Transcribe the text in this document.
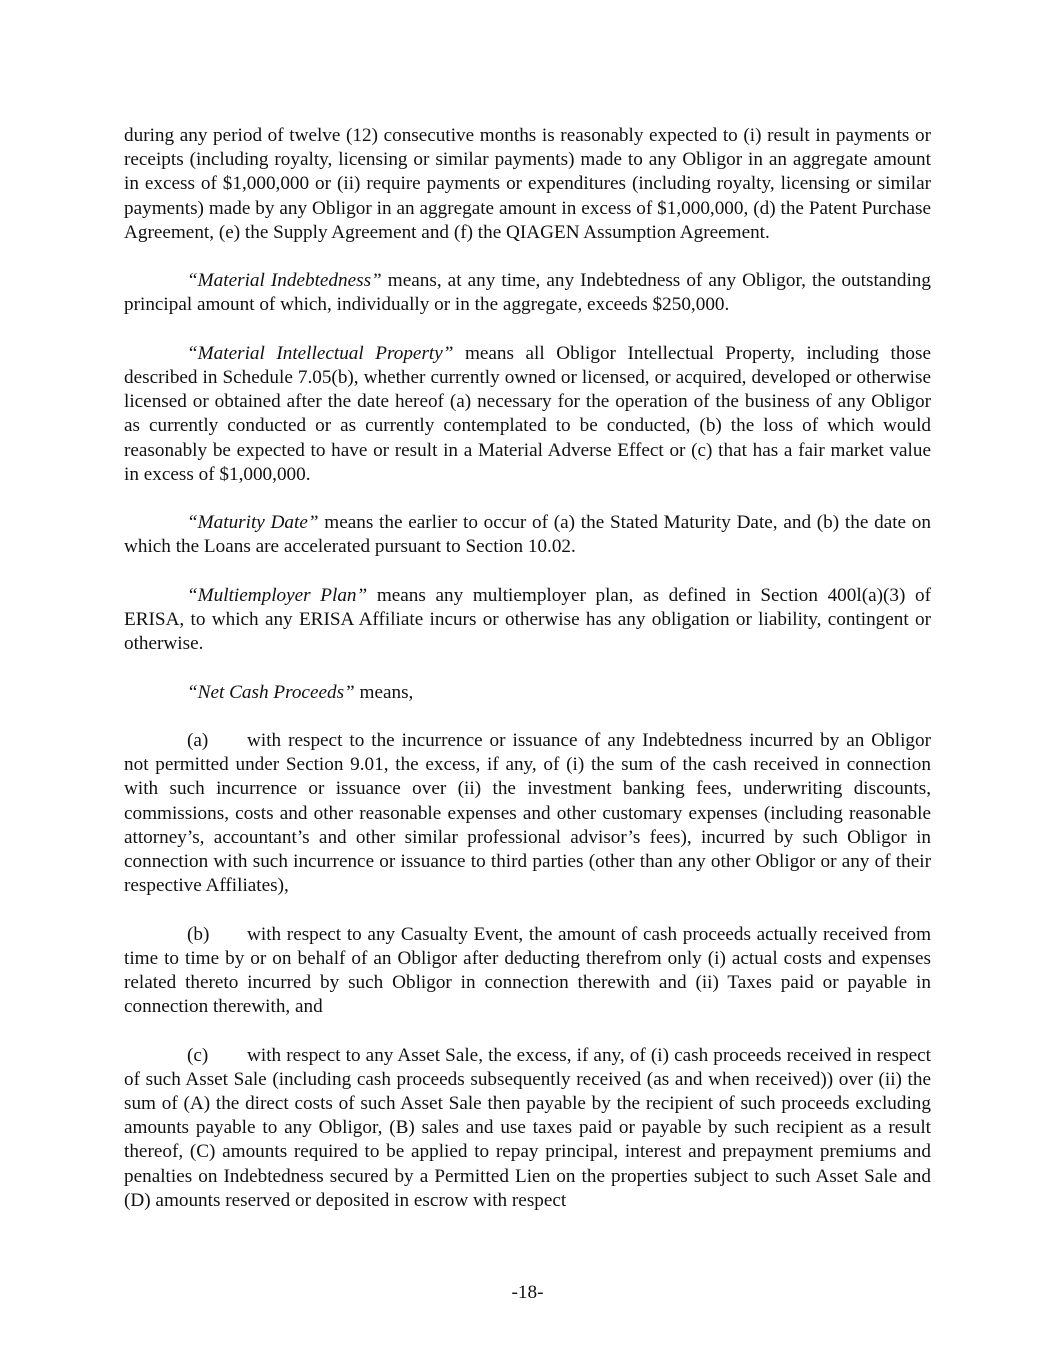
during any period of twelve (12) consecutive months is reasonably expected to (i) result in payments or receipts (including royalty, licensing or similar payments) made to any Obligor in an aggregate amount in excess of $1,000,000 or (ii) require payments or expenditures (including royalty, licensing or similar payments) made by any Obligor in an aggregate amount in excess of $1,000,000, (d) the Patent Purchase Agreement, (e) the Supply Agreement and (f) the QIAGEN Assumption Agreement.

“Material Indebtedness” means, at any time, any Indebtedness of any Obligor, the outstanding principal amount of which, individually or in the aggregate, exceeds $250,000.

“Material Intellectual Property” means all Obligor Intellectual Property, including those described in Schedule 7.05(b), whether currently owned or licensed, or acquired, developed or otherwise licensed or obtained after the date hereof (a) necessary for the operation of the business of any Obligor as currently conducted or as currently contemplated to be conducted, (b) the loss of which would reasonably be expected to have or result in a Material Adverse Effect or (c) that has a fair market value in excess of $1,000,000.

“Maturity Date” means the earlier to occur of (a) the Stated Maturity Date, and (b) the date on which the Loans are accelerated pursuant to Section 10.02.

“Multiemployer Plan” means any multiemployer plan, as defined in Section 400l(a)(3) of ERISA, to which any ERISA Affiliate incurs or otherwise has any obligation or liability, contingent or otherwise.

“Net Cash Proceeds” means,

(a) with respect to the incurrence or issuance of any Indebtedness incurred by an Obligor not permitted under Section 9.01, the excess, if any, of (i) the sum of the cash received in connection with such incurrence or issuance over (ii) the investment banking fees, underwriting discounts, commissions, costs and other reasonable expenses and other customary expenses (including reasonable attorney’s, accountant’s and other similar professional advisor’s fees), incurred by such Obligor in connection with such incurrence or issuance to third parties (other than any other Obligor or any of their respective Affiliates),

(b) with respect to any Casualty Event, the amount of cash proceeds actually received from time to time by or on behalf of an Obligor after deducting therefrom only (i) actual costs and expenses related thereto incurred by such Obligor in connection therewith and (ii) Taxes paid or payable in connection therewith, and

(c) with respect to any Asset Sale, the excess, if any, of (i) cash proceeds received in respect of such Asset Sale (including cash proceeds subsequently received (as and when received)) over (ii) the sum of (A) the direct costs of such Asset Sale then payable by the recipient of such proceeds excluding amounts payable to any Obligor, (B) sales and use taxes paid or payable by such recipient as a result thereof, (C) amounts required to be applied to repay principal, interest and prepayment premiums and penalties on Indebtedness secured by a Permitted Lien on the properties subject to such Asset Sale and (D) amounts reserved or deposited in escrow with respect

-18-
